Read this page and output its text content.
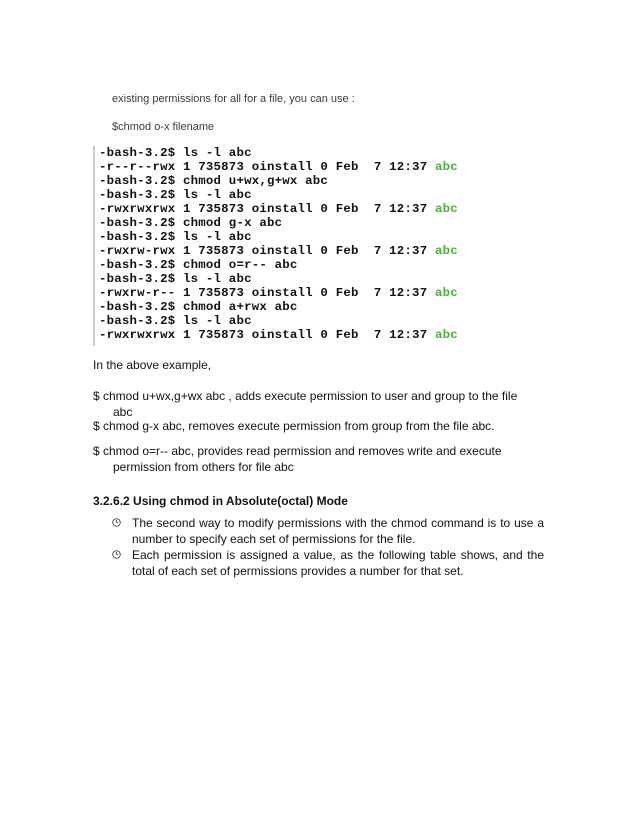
existing permissions for all for a file, you can use :
$chmod o-x filename
-bash-3.2$ ls -l abc
-r--r--rwx 1 735873 oinstall 0 Feb  7 12:37 abc
-bash-3.2$ chmod u+wx,g+wx abc
-bash-3.2$ ls -l abc
-rwxrwxrwx 1 735873 oinstall 0 Feb  7 12:37 abc
-bash-3.2$ chmod g-x abc
-bash-3.2$ ls -l abc
-rwxrw-rwx 1 735873 oinstall 0 Feb  7 12:37 abc
-bash-3.2$ chmod o=r-- abc
-bash-3.2$ ls -l abc
-rwxrw-r-- 1 735873 oinstall 0 Feb  7 12:37 abc
-bash-3.2$ chmod a+rwx abc
-bash-3.2$ ls -l abc
-rwxrwxrwx 1 735873 oinstall 0 Feb  7 12:37 abc
In the above example,
$ chmod u+wx,g+wx abc , adds execute permission to user and group to the file
abc
$ chmod g-x abc, removes execute permission from group from the file abc.
$ chmod o=r-- abc, provides read permission and removes write and execute
permission from others for file abc
3.2.6.2 Using chmod in Absolute(octal) Mode
The second way to modify permissions with the chmod command is to use a number to specify each set of permissions for the file.
Each permission is assigned a value, as the following table shows, and the total of each set of permissions provides a number for that set.
